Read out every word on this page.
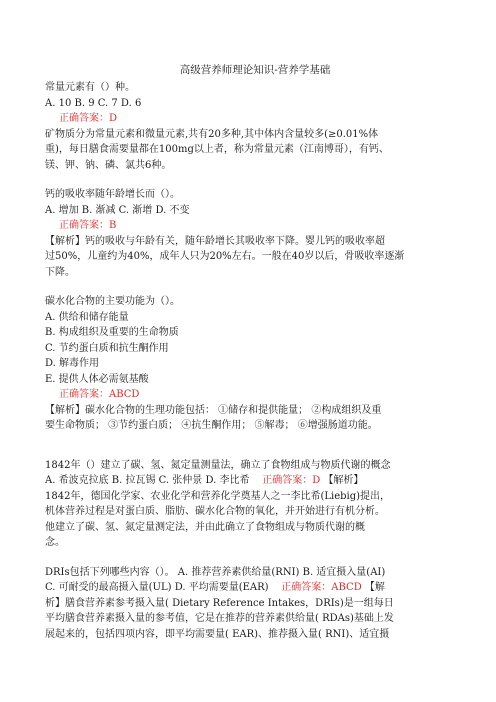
高级营养师理论知识-营养学基础
常量元素有（）种。
A. 10 B. 9 C. 7 D. 6
正确答案：D
矿物质分为常量元素和微量元素,共有20多种,其中体内含量较多(≥0.01%体
重)，每日膳食需要量都在100mg以上者，称为常量元素（江南博哥），有钙、
镁、钾、钠、磷、氯共6种。
钙的吸收率随年龄增长而（）。
A. 增加 B. 渐减 C. 渐增 D. 不变
正确答案：B
【解析】钙的吸收与年龄有关，随年龄增长其吸收率下降。婴儿钙的吸收率超
过50%，儿童约为40%，成年人只为20%左右。一般在40岁以后，骨吸收率逐渐
下降。
碳水化合物的主要功能为（）。
A. 供给和储存能量
B. 构成组织及重要的生命物质
C. 节约蛋白质和抗生酮作用
D. 解毒作用
E. 提供人体必需氨基酸
正确答案：ABCD
【解析】碳水化合物的生理功能包括： ①储存和提供能量； ②构成组织及重
要生命物质； ③节约蛋白质； ④抗生酮作用； ⑤解毒； ⑥增强肠道功能。
1842年（）建立了碳、氢、氮定量测量法，确立了食物组成与物质代谢的概念
A. 希波克拉底 B. 拉瓦锡 C. 张仲景 D. 李比希 正确答案：D 【解析】
1842年，德国化学家、农业化学和营养化学奠基人之一李比希(Liebig)提出，
机体营养过程是对蛋白质、脂肪、碳水化合物的氧化，并开始进行有机分析。
他建立了碳、氢、氮定量测定法，并由此确立了食物组成与物质代谢的概
念。
DRIs包括下列哪些内容（）。 A. 推荐营养素供给量(RNI) B. 适宜摄入量(AI)
C. 可耐受的最高摄入量(UL) D. 平均需要量(EAR) 正确答案：ABCD 【解
析】膳食营养素参考摄入量( Dietary Reference Intakes，DRIs)是一组每日
平均膳食营养素摄入量的参考值，它是在推荐的营养素供给量( RDAs)基础上发
展起来的，包括四项内容，即平均需要量( EAR)、推荐摄入量( RNI)、适宜摄
